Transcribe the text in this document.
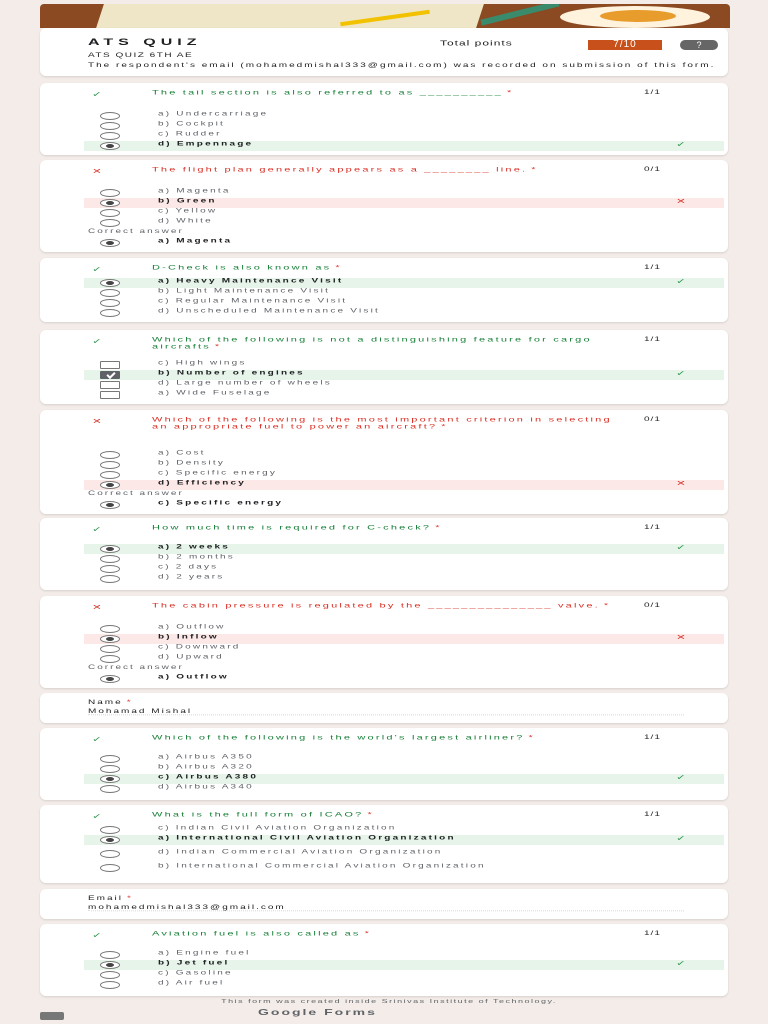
ATS QUIZ	Total points	7/10	?
ATS QUIZ 6TH AE
The respondent's email (mohamedmishal333@gmail.com) was recorded on submission of this form.
✓	The tail section is also referred to as __________ *	1/1
a) Undercarriage
b) Cockpit
c) Rudder
d) Empennage	✓
✕	The flight plan generally appears as a ________ line. *	0/1
a) Magenta
b) Green	✕
c) Yellow
d) White
Correct answer
a) Magenta
✓	D-Check is also known as *	1/1
a) Heavy Maintenance Visit	✓
b) Light Maintenance Visit
c) Regular Maintenance Visit
d) Unscheduled Maintenance Visit
✓	Which of the following is not a distinguishing feature for cargo aircrafts *
1/1
c) High wings
b) Number of engines	✓
d) Large number of wheels
a) Wide Fuselage
✕	Which of the following is the most important criterion in selecting an appropriate fuel to power an aircraft? *
0/1
a) Cost
b) Density
c) Specific energy
d) Efficiency	✕
Correct answer
c) Specific energy
✓	How much time is required for C-check? *	1/1
a) 2 weeks	✓
b) 2 months
c) 2 days
d) 2 years
✕	The cabin pressure is regulated by the _______________ valve. *	0/1
a) Outflow
b) Inflow	✕
c) Downward
d) Upward
Correct answer
a) Outflow
✓	Which of the following is the world's largest airliner? *	1/1
a) Airbus A350
b) Airbus A320
c) Airbus A380	✓
d) Airbus A340
✓	What is the full form of ICAO? *	1/1
c) Indian Civil Aviation Organization
a) International Civil Aviation Organization	✓
d) Indian Commercial Aviation Organization
b) International Commercial Aviation Organization
✓	Aviation fuel is also called as *	1/1
a) Engine fuel
b) Jet fuel	✓
c) Gasoline
d) Air fuel
Name *
Mohamad Mishal
Email *
mohamedmishal333@gmail.com
This form was created inside Srinivas Institute of Technology.
Google Forms
